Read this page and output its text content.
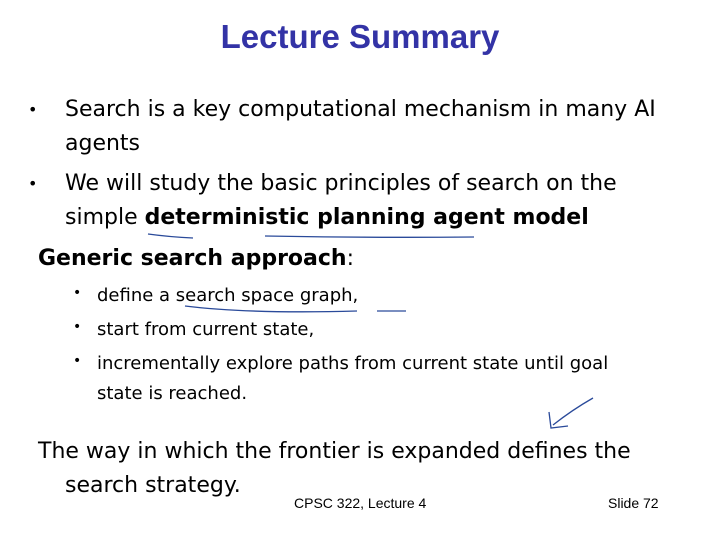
Lecture Summary
• Search is a key computational mechanism in many AI
agents
• We will study the basic principles of search on the
simple deterministic planning agent model
Generic search approach:
• define a search space graph,
• start from current state,
• incrementally explore paths from current state until goal
state is reached.
The way in which the frontier is expanded defines the
search strategy.
CPSC 322, Lecture 4	Slide 72
